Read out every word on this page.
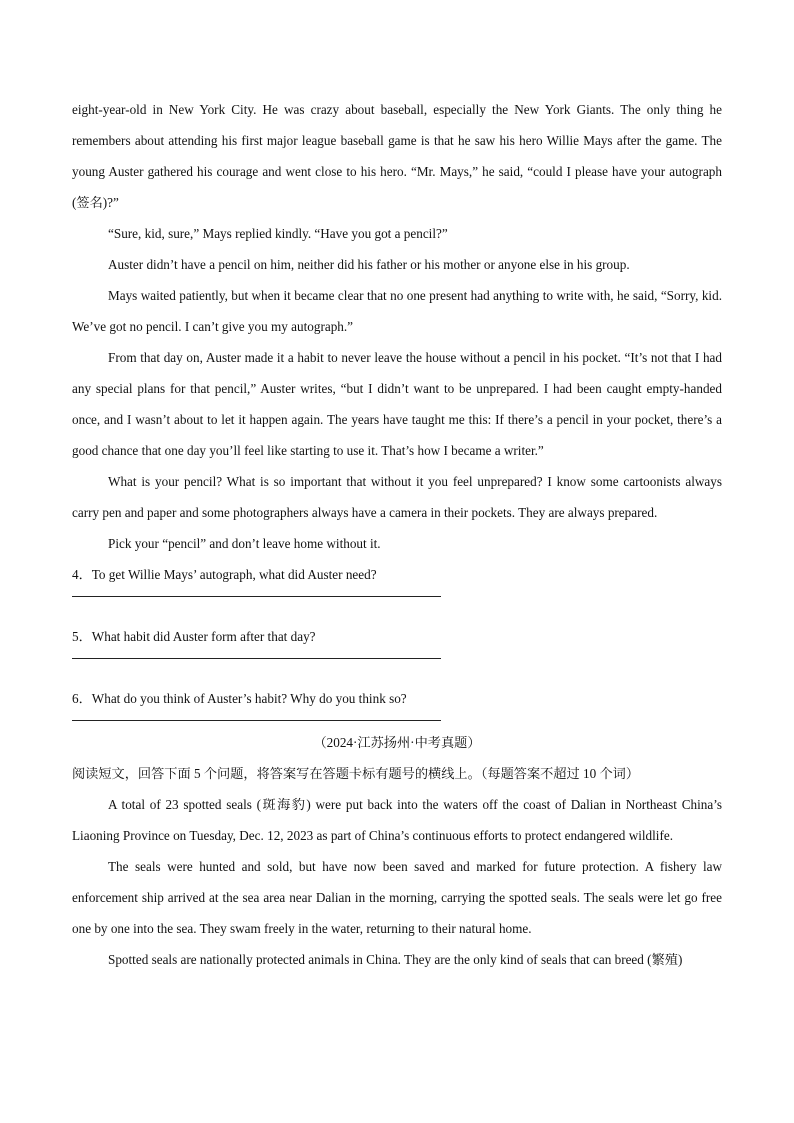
eight-year-old in New York City. He was crazy about baseball, especially the New York Giants. The only thing he remembers about attending his first major league baseball game is that he saw his hero Willie Mays after the game. The young Auster gathered his courage and went close to his hero. “Mr. Mays,” he said, “could I please have your autograph (签名)?”

“Sure, kid, sure,” Mays replied kindly. “Have you got a pencil?”

Auster didn’t have a pencil on him, neither did his father or his mother or anyone else in his group.

Mays waited patiently, but when it became clear that no one present had anything to write with, he said, “Sorry, kid. We’ve got no pencil. I can’t give you my autograph.”

From that day on, Auster made it a habit to never leave the house without a pencil in his pocket. “It’s not that I had any special plans for that pencil,” Auster writes, “but I didn’t want to be unprepared. I had been caught empty-handed once, and I wasn’t about to let it happen again. The years have taught me this: If there’s a pencil in your pocket, there’s a good chance that one day you’ll feel like starting to use it. That’s how I became a writer.”

What is your pencil? What is so important that without it you feel unprepared? I know some cartoonists always carry pen and paper and some photographers always have a camera in their pockets. They are always prepared.

Pick your “pencil” and don’t leave home without it.

4．To get Willie Mays’ autograph, what did Auster need?

5．What habit did Auster form after that day?

6．What do you think of Auster’s habit? Why do you think so?

（2024·江苏扬州·中考真题）

阅读短文，回答下面 5 个问题，将答案写在答题卡标有题号的横线上。（每题答案不超过 10 个词）

A total of 23 spotted seals (斑海豹) were put back into the waters off the coast of Dalian in Northeast China’s Liaoning Province on Tuesday, Dec. 12, 2023 as part of China’s continuous efforts to protect endangered wildlife.

The seals were hunted and sold, but have now been saved and marked for future protection. A fishery law enforcement ship arrived at the sea area near Dalian in the morning, carrying the spotted seals. The seals were let go free one by one into the sea. They swam freely in the water, returning to their natural home.

Spotted seals are nationally protected animals in China. They are the only kind of seals that can breed (繁殖)
